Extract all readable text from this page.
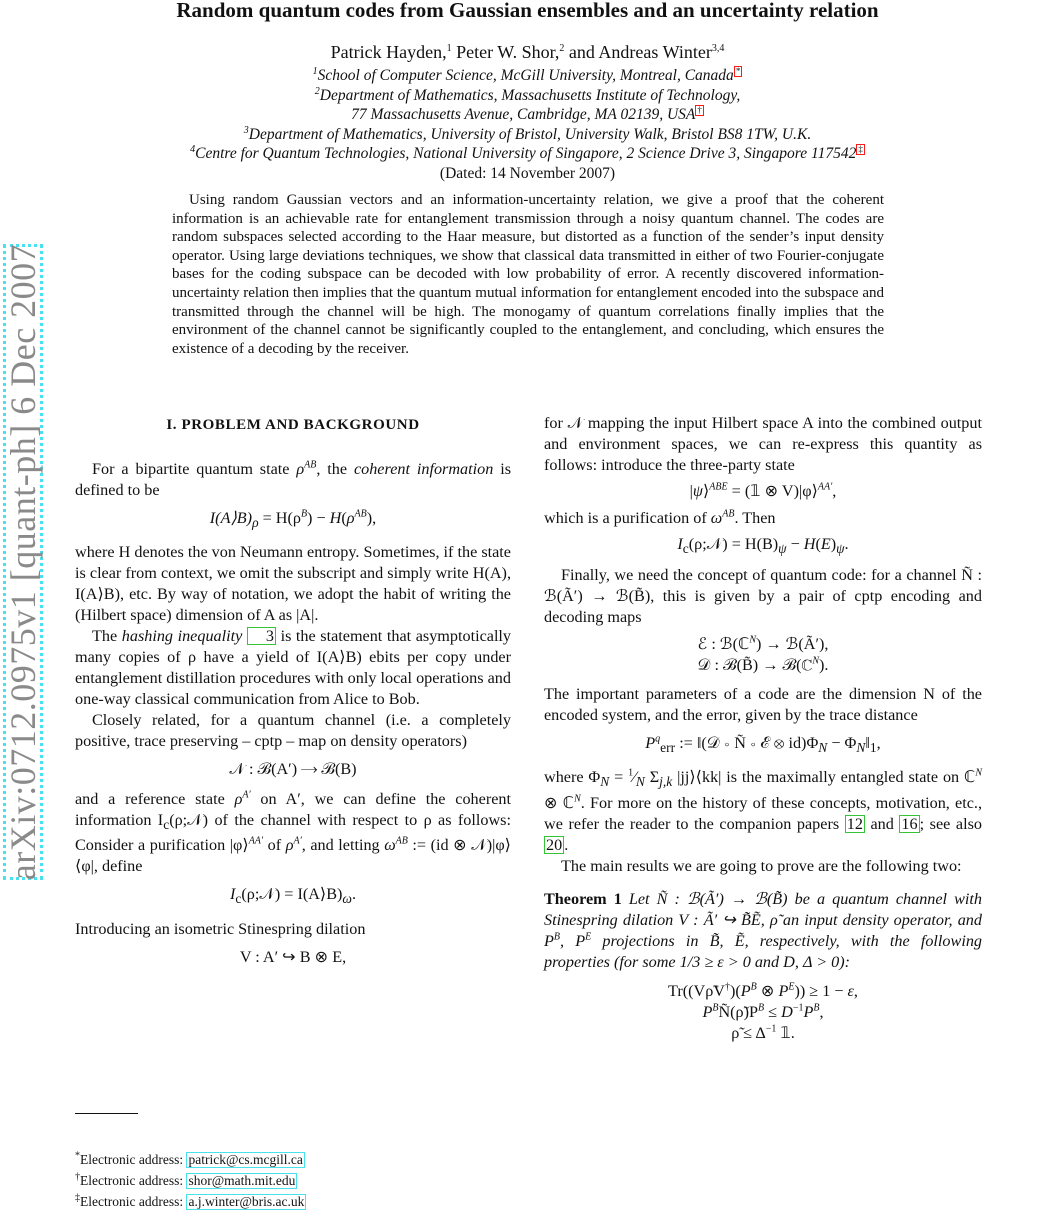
arXiv:0712.0975v1 [quant-ph] 6 Dec 2007
Random quantum codes from Gaussian ensembles and an uncertainty relation
Patrick Hayden,$^1$ Peter W. Shor,$^2$ and Andreas Winter$^{3,4}$
$^1$School of Computer Science, McGill University, Montreal, Canada *
$^2$Department of Mathematics, Massachusetts Institute of Technology,
77 Massachusetts Avenue, Cambridge, MA 02139, USA †
$^3$Department of Mathematics, University of Bristol, University Walk, Bristol BS8 1TW, U.K.
$^4$Centre for Quantum Technologies, National University of Singapore, 2 Science Drive 3, Singapore 117542 ‡
(Dated: 14 November 2007)
Using random Gaussian vectors and an information-uncertainty relation, we give a proof that the coherent information is an achievable rate for entanglement transmission through a noisy quantum channel. The codes are random subspaces selected according to the Haar measure, but distorted as a function of the sender’s input density operator. Using large deviations techniques, we show that classical data transmitted in either of two Fourier-conjugate bases for the coding subspace can be decoded with low probability of error. A recently discovered information-uncertainty relation then implies that the quantum mutual information for entanglement encoded into the subspace and transmitted through the channel will be high. The monogamy of quantum correlations finally implies that the environment of the channel cannot be significantly coupled to the entanglement, and concluding, which ensures the existence of a decoding by the receiver.
I. PROBLEM AND BACKGROUND

For a bipartite quantum state $\rho^{AB}$, the coherent information is defined to be

$I(A⟩B)_\rho = H(\rho^B) - H(\rho^{AB})$,

where H denotes the von Neumann entropy. Sometimes, if the state is clear from context, we omit the subscript and simply write H(A), I(A⟩B), etc. By way of notation, we adopt the habit of writing the (Hilbert space) dimension of A as |A|.

The hashing inequality 3 is the statement that asymptotically many copies of ρ have a yield of I(A⟩B) ebits per copy under entanglement distillation procedures with only local operations and one-way classical communication from Alice to Bob.

Closely related, for a quantum channel (i.e. a completely positive, trace preserving – cptp – map on density operators)

𝒩 : ℬ(A′) ⟶ ℬ(B)

and a reference state $\rho^{A'}$ on A′, we can define the coherent information $I_c(\rho;𝒩)$ of the channel with respect to ρ as follows: Consider a purification |φ⟩$^{AA'}$ of $\rho^{A'}$, and letting $\omega^{AB}$ := (id ⊗ 𝒩)|φ⟩⟨φ|, define

$I_c(\rho;𝒩)$ = $I(A⟩B)_\omega$.

Introducing an isometric Stinespring dilation

V : A′ ↪ B ⊗ E,

for 𝒩 mapping the input Hilbert space A into the combined output and environment spaces, we can re-express this quantity as follows: introduce the three-party state

|ψ⟩$^{ABE}$ = (𝟙 ⊗ V)|φ⟩$^{AA'}$,

which is a purification of $\omega^{AB}$. Then

$I_c(\rho;𝒩) = H(B)_\psi - H(E)_\psi$.

Finally, we need the concept of quantum code: for a channel Ñ : ℬ(Ã′) → ℬ(B̃), this is given by a pair of cptp encoding and decoding maps

ℰ : ℬ(ℂ$^N$) → ℬ(Ã′),

𝒟 : ℬ(B̃) → ℬ(ℂ$^N$).

The important parameters of a code are the dimension N of the encoded system, and the error, given by the trace distance

$P^q_{err}$ := ‖(𝒟 ∘ Ñ ∘ ℰ ⊗ $id)\Phi_N$ − $\Phi_N‖_1$,

where $\Phi_N$ = $^1⁄_N$ $\Sigma_{j,k}$ |jj⟩⟨kk| is the maximally entangled state on ℂ$^N$ ⊗ ℂ$^N$. For more on the history of these concepts, motivation, etc., we refer the reader to the companion papers 12 and 16 ; see also 20 .

The main results we are going to prove are the following two:

Theorem 1 Let Ñ : ℬ(Ã′) → ℬ(B̃) be a quantum channel with Stinespring dilation V : Ã′ ↪ B̃Ẽ, ρ̃ an input density operator, and $P^B$, $P^E$ projections in B̃, Ẽ, respectively, with the following properties (for some 1/3 ≥ ε > 0 and D, Δ > 0):

$Tr((V\rhõV^\dagger)(P^B$ ⊗ $P^E)) \ge 1 - \varepsilon$,

$P^BÑ(\rhõ)P^B \le D^{-1}P^B$,

ρ̃ ≤ $\Delta^{-1}$ 𝟙.

*Electronic address: patrick@cs.mcgill.ca
†Electronic address: shor@math.mit.edu
‡Electronic address: a.j.winter@bris.ac.uk
